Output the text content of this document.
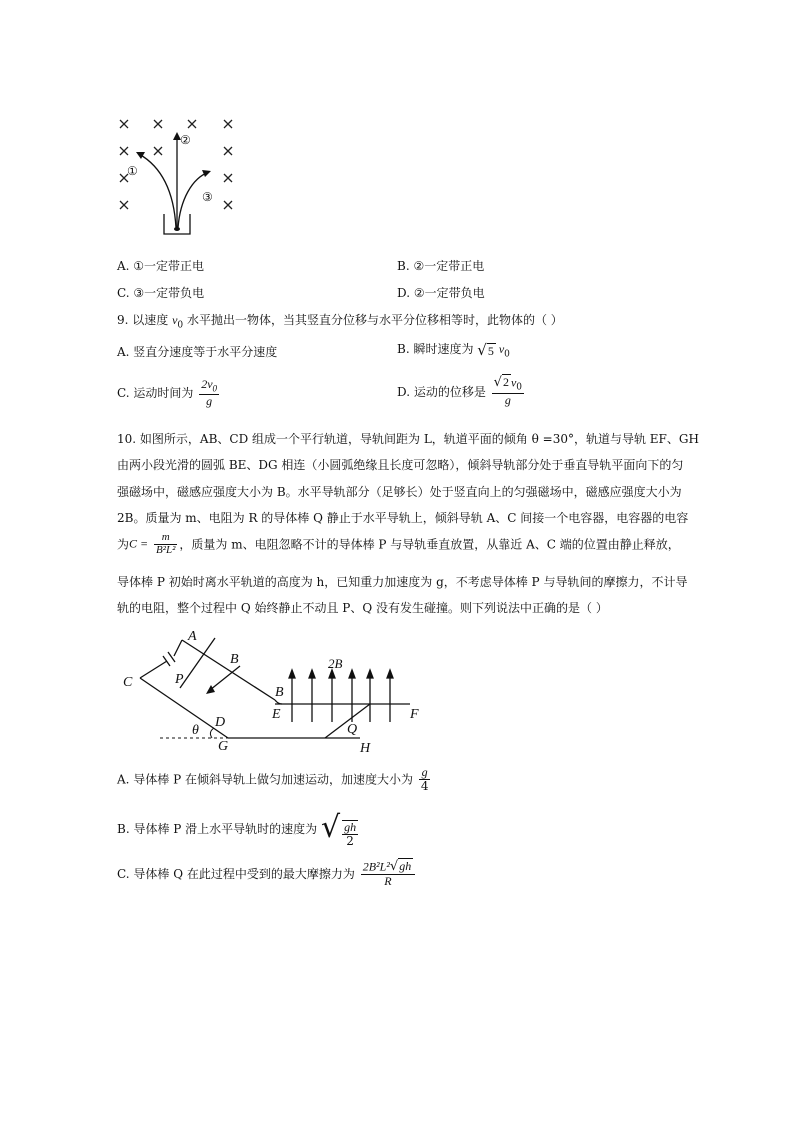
②
①
③
A. ①一定带正电	B. ②一定带正电
C. ③一定带负电	D. ②一定带负电
9. 以速度 $v_0$ 水平抛出一物体，当其竖直分位移与水平分位移相等时，此物体的（ ）
A. 竖直分速度等于水平分速度	B. 瞬时速度为 √5 $v_0$
C. 运动时间为 $\frac{2v_0}{g}$	D. 运动的位移是 $\frac{√2 v_0}{g}$
10. 如图所示，AB、CD 组成一个平行轨道，导轨间距为 L，轨道平面的倾角 θ =30°，轨道与导轨 EF、GH
由两小段光滑的圆弧 BE、DG 相连（小圆弧绝缘且长度可忽略），倾斜导轨部分处于垂直导轨平面向下的匀
强磁场中，磁感应强度大小为 B。水平导轨部分（足够长）处于竖直向上的匀强磁场中，磁感应强度大小为
2B。质量为 m、电阻为 R 的导体棒 Q 静止于水平导轨上，倾斜导轨 A、C 间接一个电容器，电容器的电容
为$C = \frac{m}{\text{B²L²}}$ ，质量为 m、电阻忽略不计的导体棒 P 与导轨垂直放置，从靠近 A、C 端的位置由静止释放，
导体棒 P 初始时离水平轨道的高度为 h，已知重力加速度为 g，不考虑导体棒 P 与导轨间的摩擦力，不计导
轨的电阻，整个过程中 Q 始终静止不动且 P、Q 没有发生碰撞。则下列说法中正确的是（ ）
A
B
C	P
2B
B
E	F
D
θ
G
Q
H
A. 导体棒 P 在倾斜导轨上做匀加速运动，加速度大小为 $\frac{g}{4}$
B. 导体棒 P 滑上水平导轨时的速度为 √ $\frac{gh}{2}$
C. 导体棒 Q 在此过程中受到的最大摩擦力为 $\frac{\text{2B²L²√gh}}{R}$
